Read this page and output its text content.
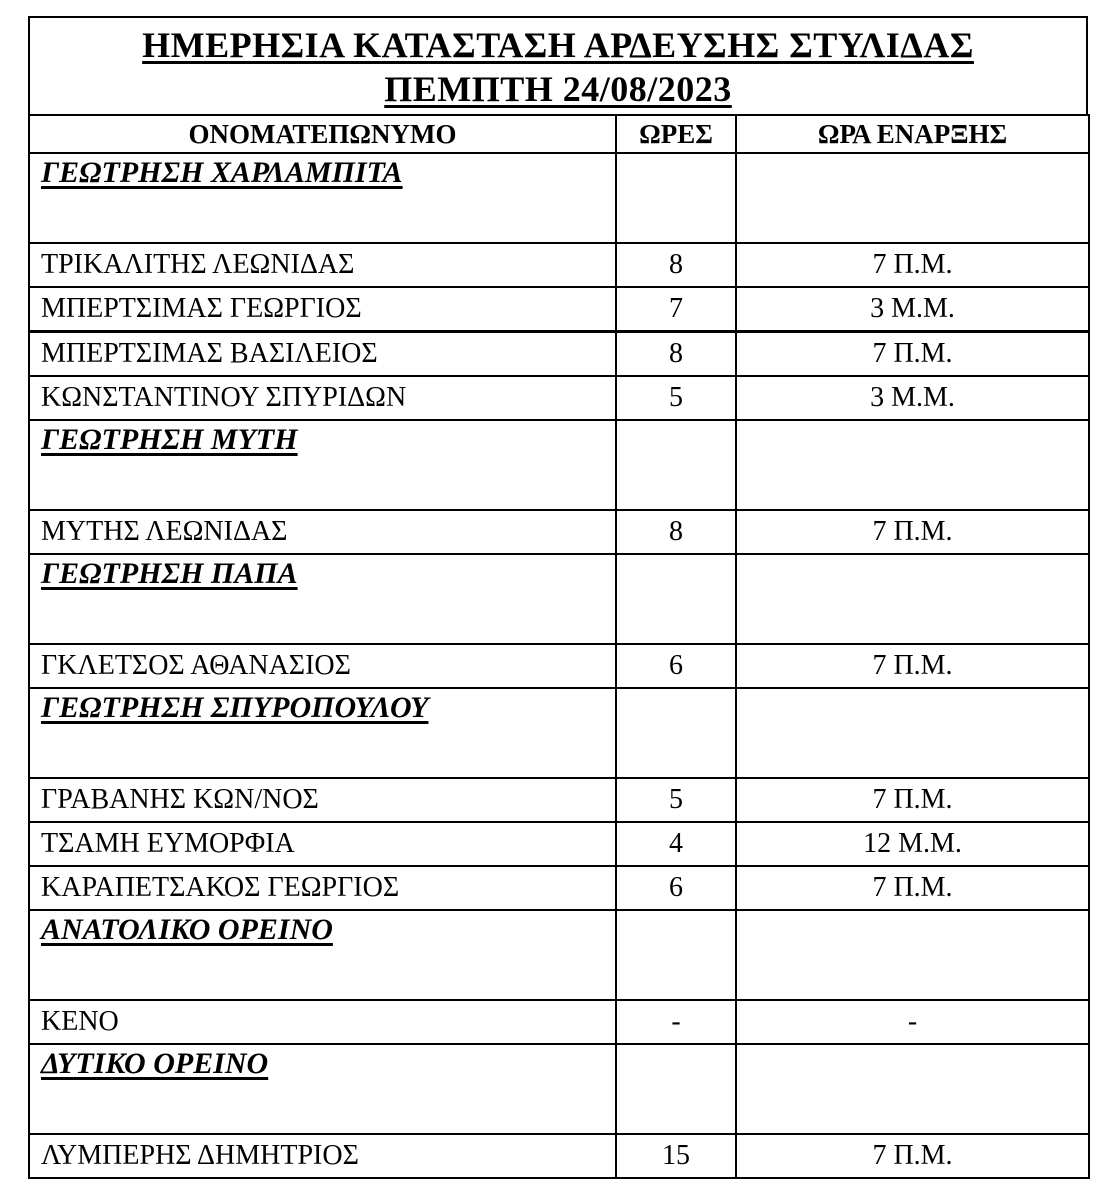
ΗΜΕΡΗΣΙΑ ΚΑΤΑΣΤΑΣΗ ΑΡΔΕΥΣΗΣ ΣΤΥΛΙΔΑΣ
ΠΕΜΠΤΗ 24/08/2023
ΟΝΟΜΑΤΕΠΩΝΥΜΟ	ΩΡΕΣ	ΩΡΑ ΕΝΑΡΞΗΣ
ΓΕΩΤΡΗΣΗ ΧΑΡΛΑΜΠΙΤΑ		
ΤΡΙΚΑΛΙΤΗΣ ΛΕΩΝΙΔΑΣ	8	7 Π.Μ.
ΜΠΕΡΤΣΙΜΑΣ ΓΕΩΡΓΙΟΣ	7	3 Μ.Μ.
ΜΠΕΡΤΣΙΜΑΣ ΒΑΣΙΛΕΙΟΣ	8	7 Π.Μ.
ΚΩΝΣΤΑΝΤΙΝΟΥ ΣΠΥΡΙΔΩΝ	5	3 Μ.Μ.
ΓΕΩΤΡΗΣΗ ΜΥΤΗ		
ΜΥΤΗΣ ΛΕΩΝΙΔΑΣ	8	7 Π.Μ.
ΓΕΩΤΡΗΣΗ ΠΑΠΑ		
ΓΚΛΕΤΣΟΣ ΑΘΑΝΑΣΙΟΣ	6	7 Π.Μ.
ΓΕΩΤΡΗΣΗ ΣΠΥΡΟΠΟΥΛΟΥ		
ΓΡΑΒΑΝΗΣ ΚΩΝ/ΝΟΣ	5	7 Π.Μ.
ΤΣΑΜΗ ΕΥΜΟΡΦΙΑ	4	12 Μ.Μ.
ΚΑΡΑΠΕΤΣΑΚΟΣ ΓΕΩΡΓΙΟΣ	6	7 Π.Μ.
ΑΝΑΤΟΛΙΚΟ ΟΡΕΙΝΟ		
ΚΕΝΟ	-	-
ΔΥΤΙΚΟ ΟΡΕΙΝΟ		
ΛΥΜΠΕΡΗΣ ΔΗΜΗΤΡΙΟΣ	15	7 Π.Μ.
